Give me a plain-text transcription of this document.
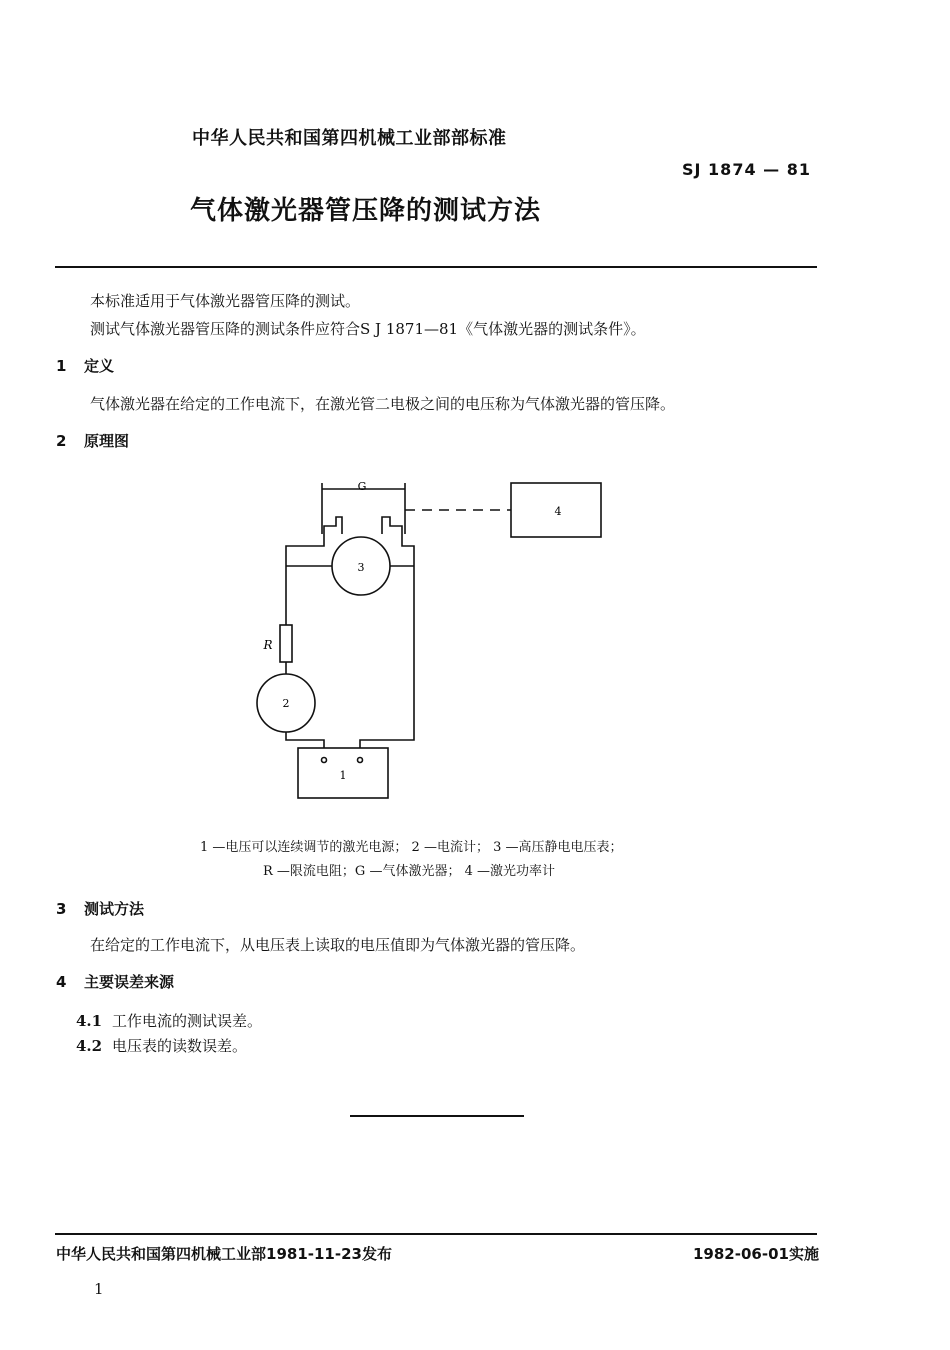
中华人民共和国第四机械工业部部标准
SJ 1874 — 81
气体激光器管压降的测试方法
本标准适用于气体激光器管压降的测试。
测试气体激光器管压降的测试条件应符合S J 1871—81《气体激光器的测试条件》。
1 定义
气体激光器在给定的工作电流下，在激光管二电极之间的电压称为气体激光器的管压降。
2 原理图
G
3
4
R
2
1
1 —电压可以连续调节的激光电源； 2 —电流计； 3 —高压静电电压表；
R —限流电阻；G —气体激光器； 4 —激光功率计
3 测试方法
在给定的工作电流下，从电压表上读取的电压值即为气体激光器的管压降。
4 主要误差来源
4.1 工作电流的测试误差。
4.2 电压表的读数误差。
中华人民共和国第四机械工业部1981-11-23发布	1982-06-01实施
1
